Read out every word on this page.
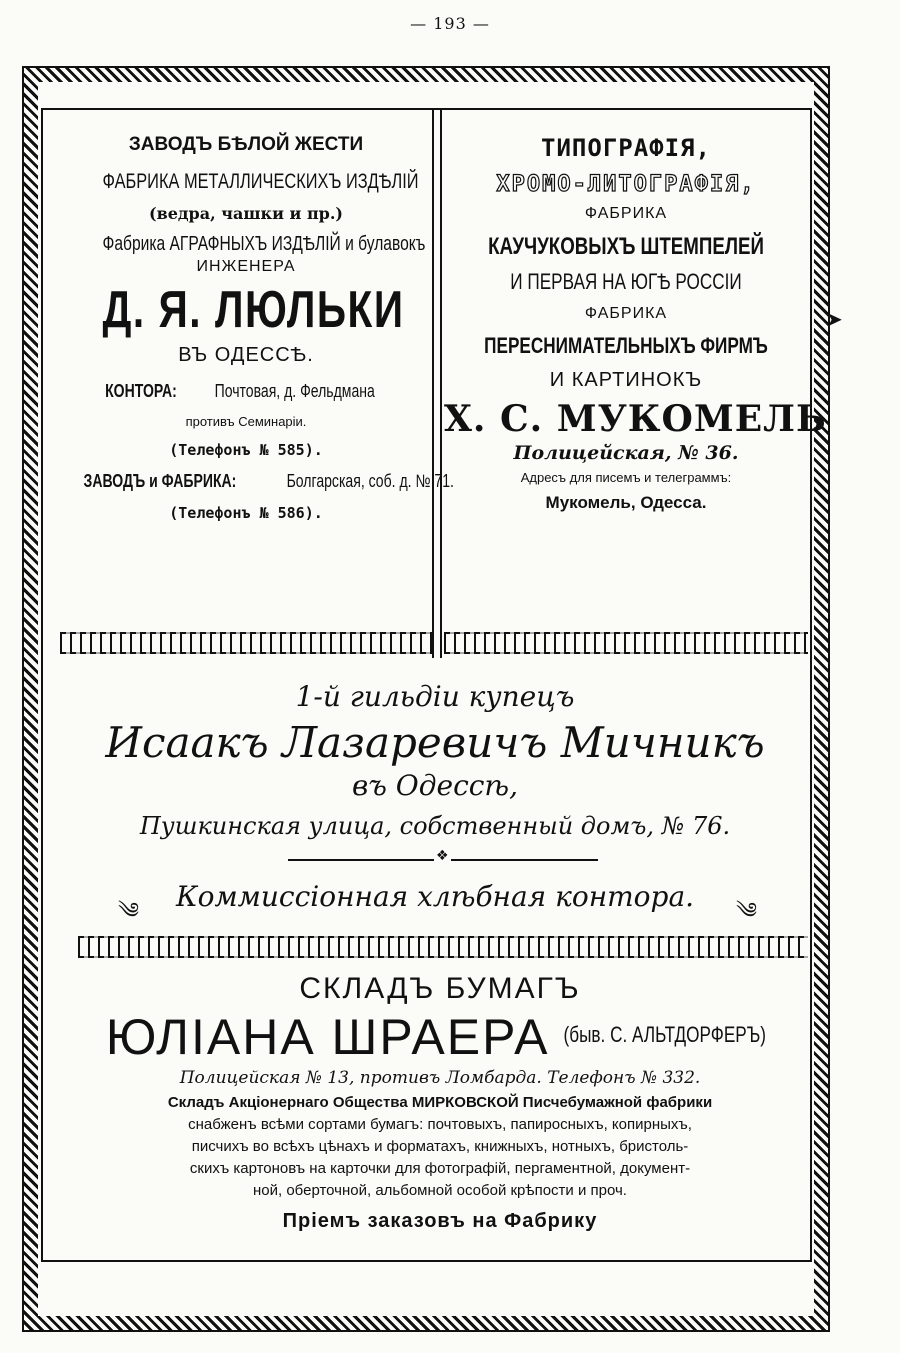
— 193 —
ЗАВОДЪ БѢЛОЙ ЖЕСТИ
ФАБРИКА МЕТАЛЛИЧЕСКИХЪ ИЗДѢЛІЙ
(ведра, чашки и пр.)
Фабрика АГРАФНЫХЪ ИЗДѢЛІЙ и булавокъ
ИНЖЕНЕРА
Д. Я. ЛЮЛЬКИ
ВЪ ОДЕССѢ.
КОНТОРА: Почтовая, д. Фельдмана
противъ Семинаріи.
(Телефонъ № 585).
ЗАВОДЪ и ФАБРИКА:	Болгарская, соб. д. № 71.
(Телефонъ № 586).
ТИПОГРАФІЯ,
ХРОМО-ЛИТОГРАФІЯ,
ФАБРИКА
КАУЧУКОВЫХЪ ШТЕМПЕЛЕЙ
И ПЕРВАЯ НА ЮГѢ РОССІИ
ФАБРИКА
ПЕРЕСНИМАТЕЛЬНЫХЪ ФИРМЪ
И КАРТИНОКЪ
Х. С. МУКОМЕЛЬ
Полицейская, № 36.
Адресъ для писемъ и телеграммъ:
Мукомель, Одесса.
➤
1-й гильдіи купецъ
Исаакъ Лазаревичъ Мичникъ
въ Одессѣ,
Пушкинская улица, собственный домъ, № 76.
❖
༄	Коммиссіонная хлѣбная контора.	༄
СКЛАДЪ БУМАГЪ
ЮЛІАНА ШРАЕРА (быв. С. АЛЬТДОРФЕРЪ)
Полицейская № 13, противъ Ломбарда. Телефонъ № 332.
Складъ Акціонернаго Общества МИРКОВСКОЙ Писчебумажной фабрики
снабженъ всѣми сортами бумагъ: почтовыхъ, папиросныхъ, копирныхъ,
писчихъ во всѣхъ цѣнахъ и форматахъ, книжныхъ, нотныхъ, бристоль-
скихъ картоновъ на карточки для фотографій, пергаментной, документ-
ной, оберточной, альбомной особой крѣпости и проч.
Пріемъ заказовъ на Фабрику
